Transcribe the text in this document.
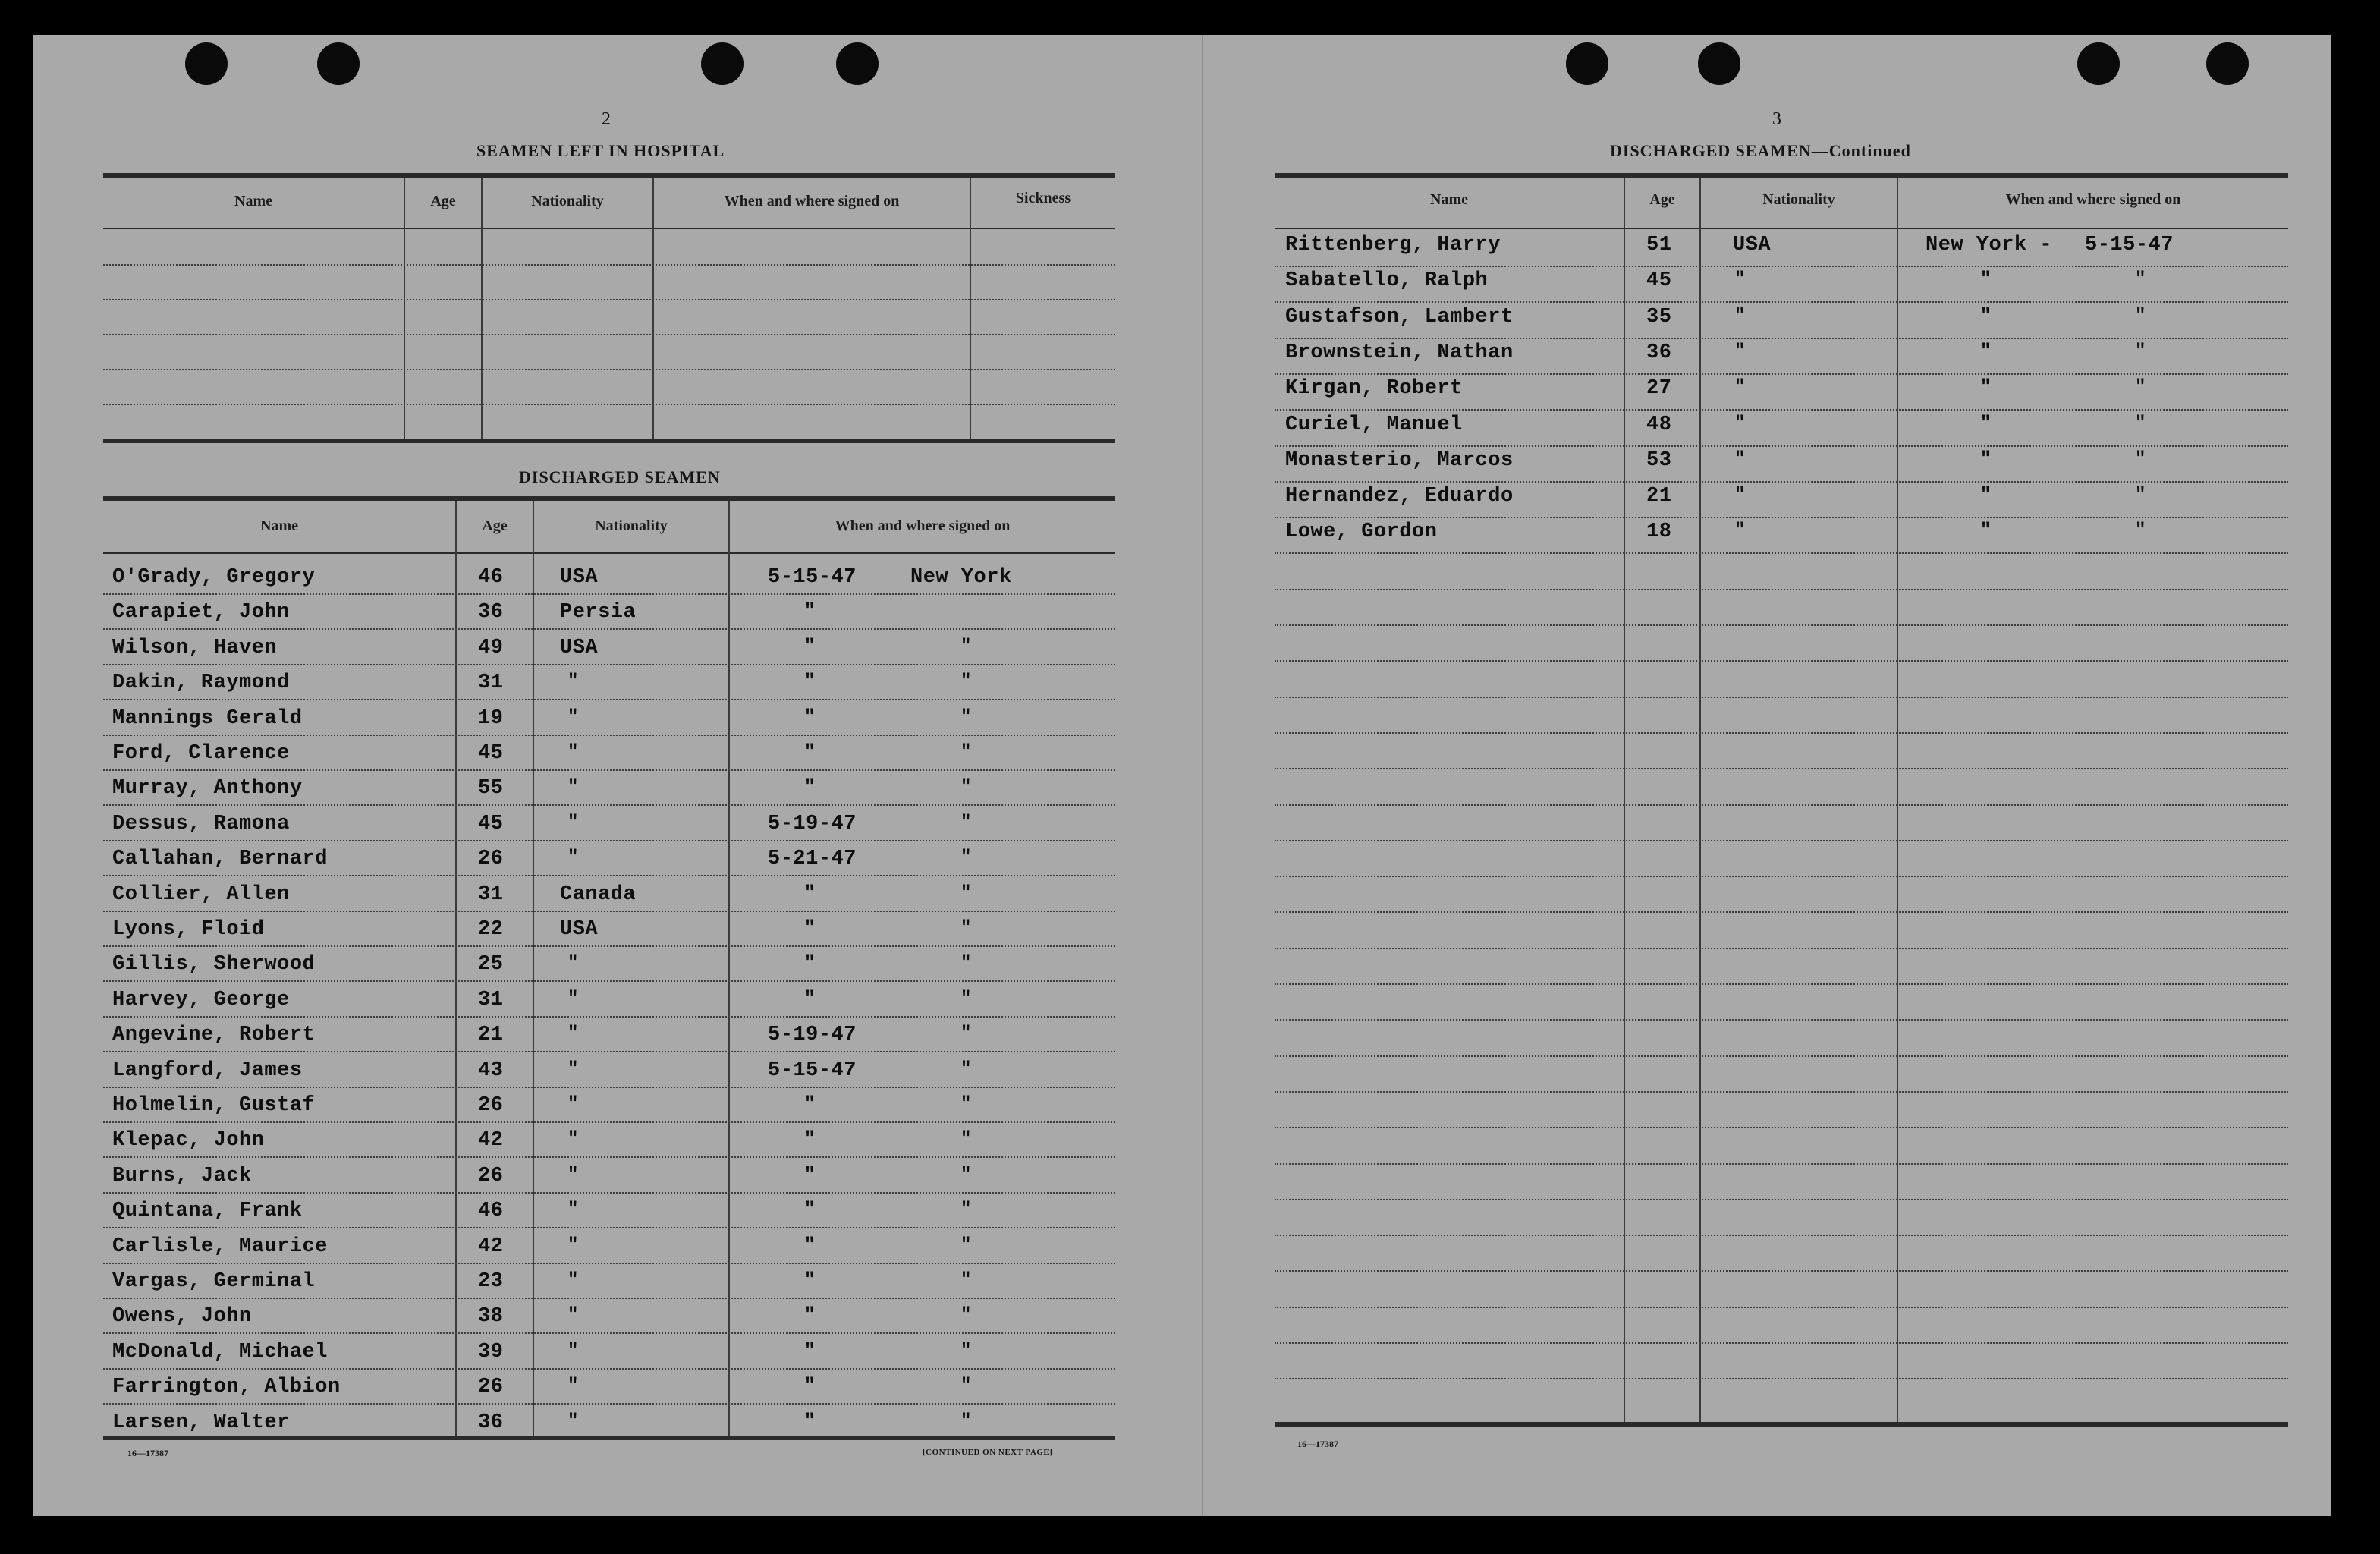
2
SEAMEN LEFT IN HOSPITAL
Name	Age	Nationality	When and where signed on	Sickness
DISCHARGED SEAMEN
Name	Age	Nationality	When and where signed on
O'Grady, Gregory	46	USA	5-15-47	New York
Carapiet, John	36	Persia	"
Wilson, Haven	49	USA	"	"
Dakin, Raymond	31	"	"	"
Mannings Gerald	19	"	"	"
Ford, Clarence	45	"	"	"
Murray, Anthony	55	"	"	"
Dessus, Ramona	45	"	5-19-47	"
Callahan, Bernard	26	"	5-21-47	"
Collier, Allen	31	Canada	"	"
Lyons, Floid	22	USA	"	"
Gillis, Sherwood	25	"	"	"
Harvey, George	31	"	"	"
Angevine, Robert	21	"	5-19-47	"
Langford, James	43	"	5-15-47	"
Holmelin, Gustaf	26	"	"	"
Klepac, John	42	"	"	"
Burns, Jack	26	"	"	"
Quintana, Frank	46	"	"	"
Carlisle, Maurice	42	"	"	"
Vargas, Germinal	23	"	"	"
Owens, John	38	"	"	"
McDonald, Michael	39	"	"	"
Farrington, Albion	26	"	"	"
Larsen, Walter	36	"	"	"
16—17387	[CONTINUED ON NEXT PAGE]
3
DISCHARGED SEAMEN—Continued
Name	Age	Nationality	When and where signed on
Rittenberg, Harry	51	USA	New York - 5-15-47
Sabatello, Ralph	45	"	"	"
Gustafson, Lambert	35	"	"	"
Brownstein, Nathan	36	"	"	"
Kirgan, Robert	27	"	"	"
Curiel, Manuel	48	"	"	"
Monasterio, Marcos	53	"	"	"
Hernandez, Eduardo	21	"	"	"
Lowe, Gordon	18	"	"	"
16—17387
